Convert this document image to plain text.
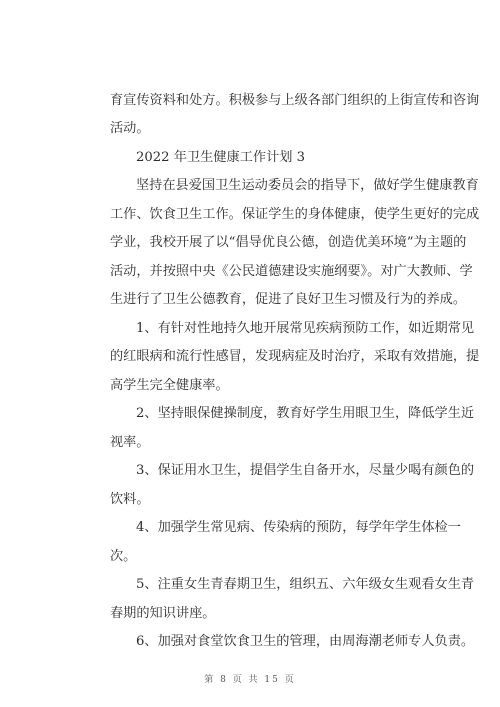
育宣传资料和处方。积极参与上级各部门组织的上街宣传和咨询
活动。
2022 年卫生健康工作计划 3
坚持在县爱国卫生运动委员会的指导下，做好学生健康教育
工作、饮食卫生工作。保证学生的身体健康，使学生更好的完成
学业，我校开展了以“倡导优良公德，创造优美环境”为主题的
活动，并按照中央《公民道德建设实施纲要》。对广大教师、学
生进行了卫生公德教育，促进了良好卫生习惯及行为的养成。
1、有针对性地持久地开展常见疾病预防工作，如近期常见
的红眼病和流行性感冒，发现病症及时治疗，采取有效措施，提
高学生完全健康率。
2、坚持眼保健操制度，教育好学生用眼卫生，降低学生近
视率。
3、保证用水卫生，提倡学生自备开水，尽量少喝有颜色的
饮料。
4、加强学生常见病、传染病的预防，每学年学生体检一
次。
5、注重女生青春期卫生，组织五、六年级女生观看女生青
春期的知识讲座。
6、加强对食堂饮食卫生的管理，由周海潮老师专人负责。
第 8 页 共 15 页
